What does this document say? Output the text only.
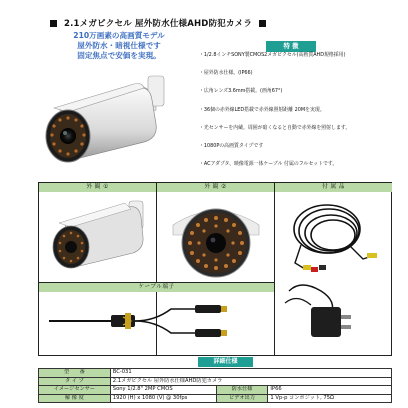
2.1メガピクセル 屋外防水仕様AHD防犯カメラ
210万画素の高画質モデル
屋外防水・暗視仕様です
固定焦点で安価を実現。
特 徴
・1/2.8インチSONY製CMOS2メガピクセル(高画質AHD規格採用)
・屋外防水仕様。(IP66)
・広角レンズ3.6mm搭載。(画角67°)
・36個の赤外線LED搭載で赤外線照射距離 20Mを実現。
・光センサーを内蔵。周囲が暗くなると自動で赤外線を照射します。
・1080Pの高画質タイプです
・ACアダプタ、映像電源一体ケーブル 付属のフルセットです。
外 観 ①	外 観 ②	付 属 品
ケーブル端子
詳細仕様
型　　番	BC-031		
タ イ プ	2.1メガピクセル 屋外防水仕様AHD防犯カメラ		
イメージセンサー	Sony 1/2.8" 2MP CMOS	防水仕様	IP66
解 像 度	1920 (H) x 1080 (V) @ 30fps	ビデオ出力	1 Vp-p コンポジット, 75Ω
